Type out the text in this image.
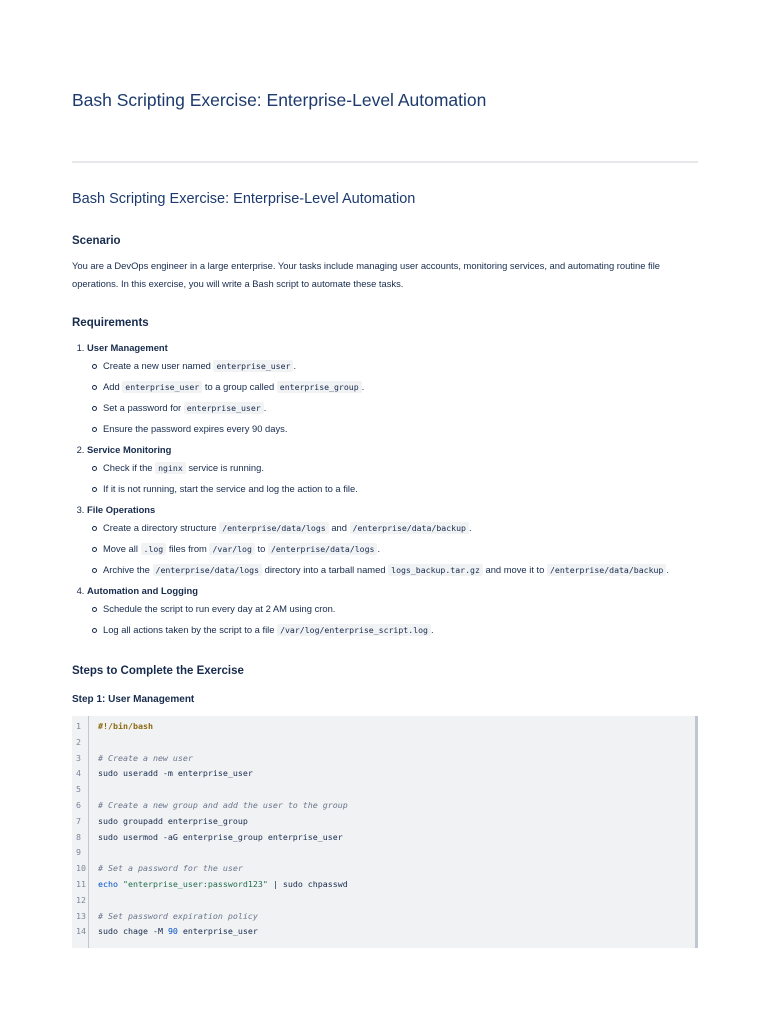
Bash Scripting Exercise: Enterprise-Level Automation
Bash Scripting Exercise: Enterprise-Level Automation
Scenario

You are a DevOps engineer in a large enterprise. Your tasks include managing user accounts, monitoring services, and automating routine file operations. In this exercise, you will write a Bash script to automate these tasks.

Requirements
1. User Management
Create a new user named enterprise_user .
Add enterprise_user to a group called enterprise_group .
Set a password for enterprise_user .
Ensure the password expires every 90 days.
2. Service Monitoring
Check if the nginx service is running.
If it is not running, start the service and log the action to a file.
3. File Operations
Create a directory structure /enterprise/data/logs and /enterprise/data/backup .
Move all .log files from /var/log to /enterprise/data/logs .
Archive the /enterprise/data/logs directory into a tarball named logs_backup.tar.gz and move it to /enterprise/data/backup .
4. Automation and Logging
Schedule the script to run every day at 2 AM using cron.
Log all actions taken by the script to a file /var/log/enterprise_script.log .
Steps to Complete the Exercise
Step 1: User Management
1	#!/bin/bash
2
3	# Create a new user
4	sudo useradd -m enterprise_user
5
6	# Create a new group and add the user to the group
7	sudo groupadd enterprise_group
8	sudo usermod -aG enterprise_group enterprise_user
9
10 # Set a password for the user
11 echo "enterprise_user:password123" | sudo chpasswd
12
13 # Set password expiration policy
14 sudo chage -M 90 enterprise_user
